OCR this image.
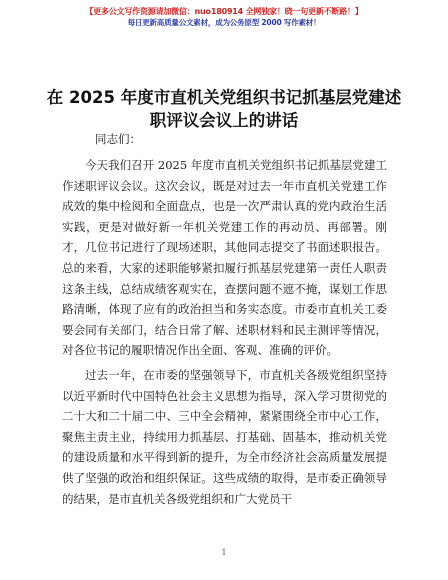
【更多公文写作资源请加微信：nuo180914 全网独家！晓一句更新不断路！】
每日更新高质量公文素材，成为公务原型 2000 写作素材！
在 2025 年度市直机关党组织书记抓基层党建述职评议会议上的讲话
同志们：

今天我们召开 2025 年度市直机关党组织书记抓基层党建工作述职评议会议。这次会议，既是对过去一年市直机关党建工作成效的集中检阅和全面盘点，也是一次严肃认真的党内政治生活实践，更是对做好新一年机关党建工作的再动员、再部署。刚才，几位书记进行了现场述职，其他同志提交了书面述职报告。总的来看，大家的述职能够紧扣履行抓基层党建第一责任人职责这条主线，总结成绩客观实在，查摆问题不遮不掩，谋划工作思路清晰，体现了应有的政治担当和务实态度。市委市直机关工委要会同有关部门，结合日常了解、述职材料和民主测评等情况，对各位书记的履职情况作出全面、客观、准确的评价。

过去一年，在市委的坚强领导下，市直机关各级党组织坚持以近平新时代中国特色社会主义思想为指导，深入学习贯彻党的二十大和二十届二中、三中全会精神，紧紧围绕全市中心工作，聚焦主责主业，持续用力抓基层、打基础、固基本，推动机关党的建设质量和水平得到新的提升，为全市经济社会高质量发展提供了坚强的政治和组织保证。这些成绩的取得，是市委正确领导的结果，是市直机关各级党组织和广大党员干

1
